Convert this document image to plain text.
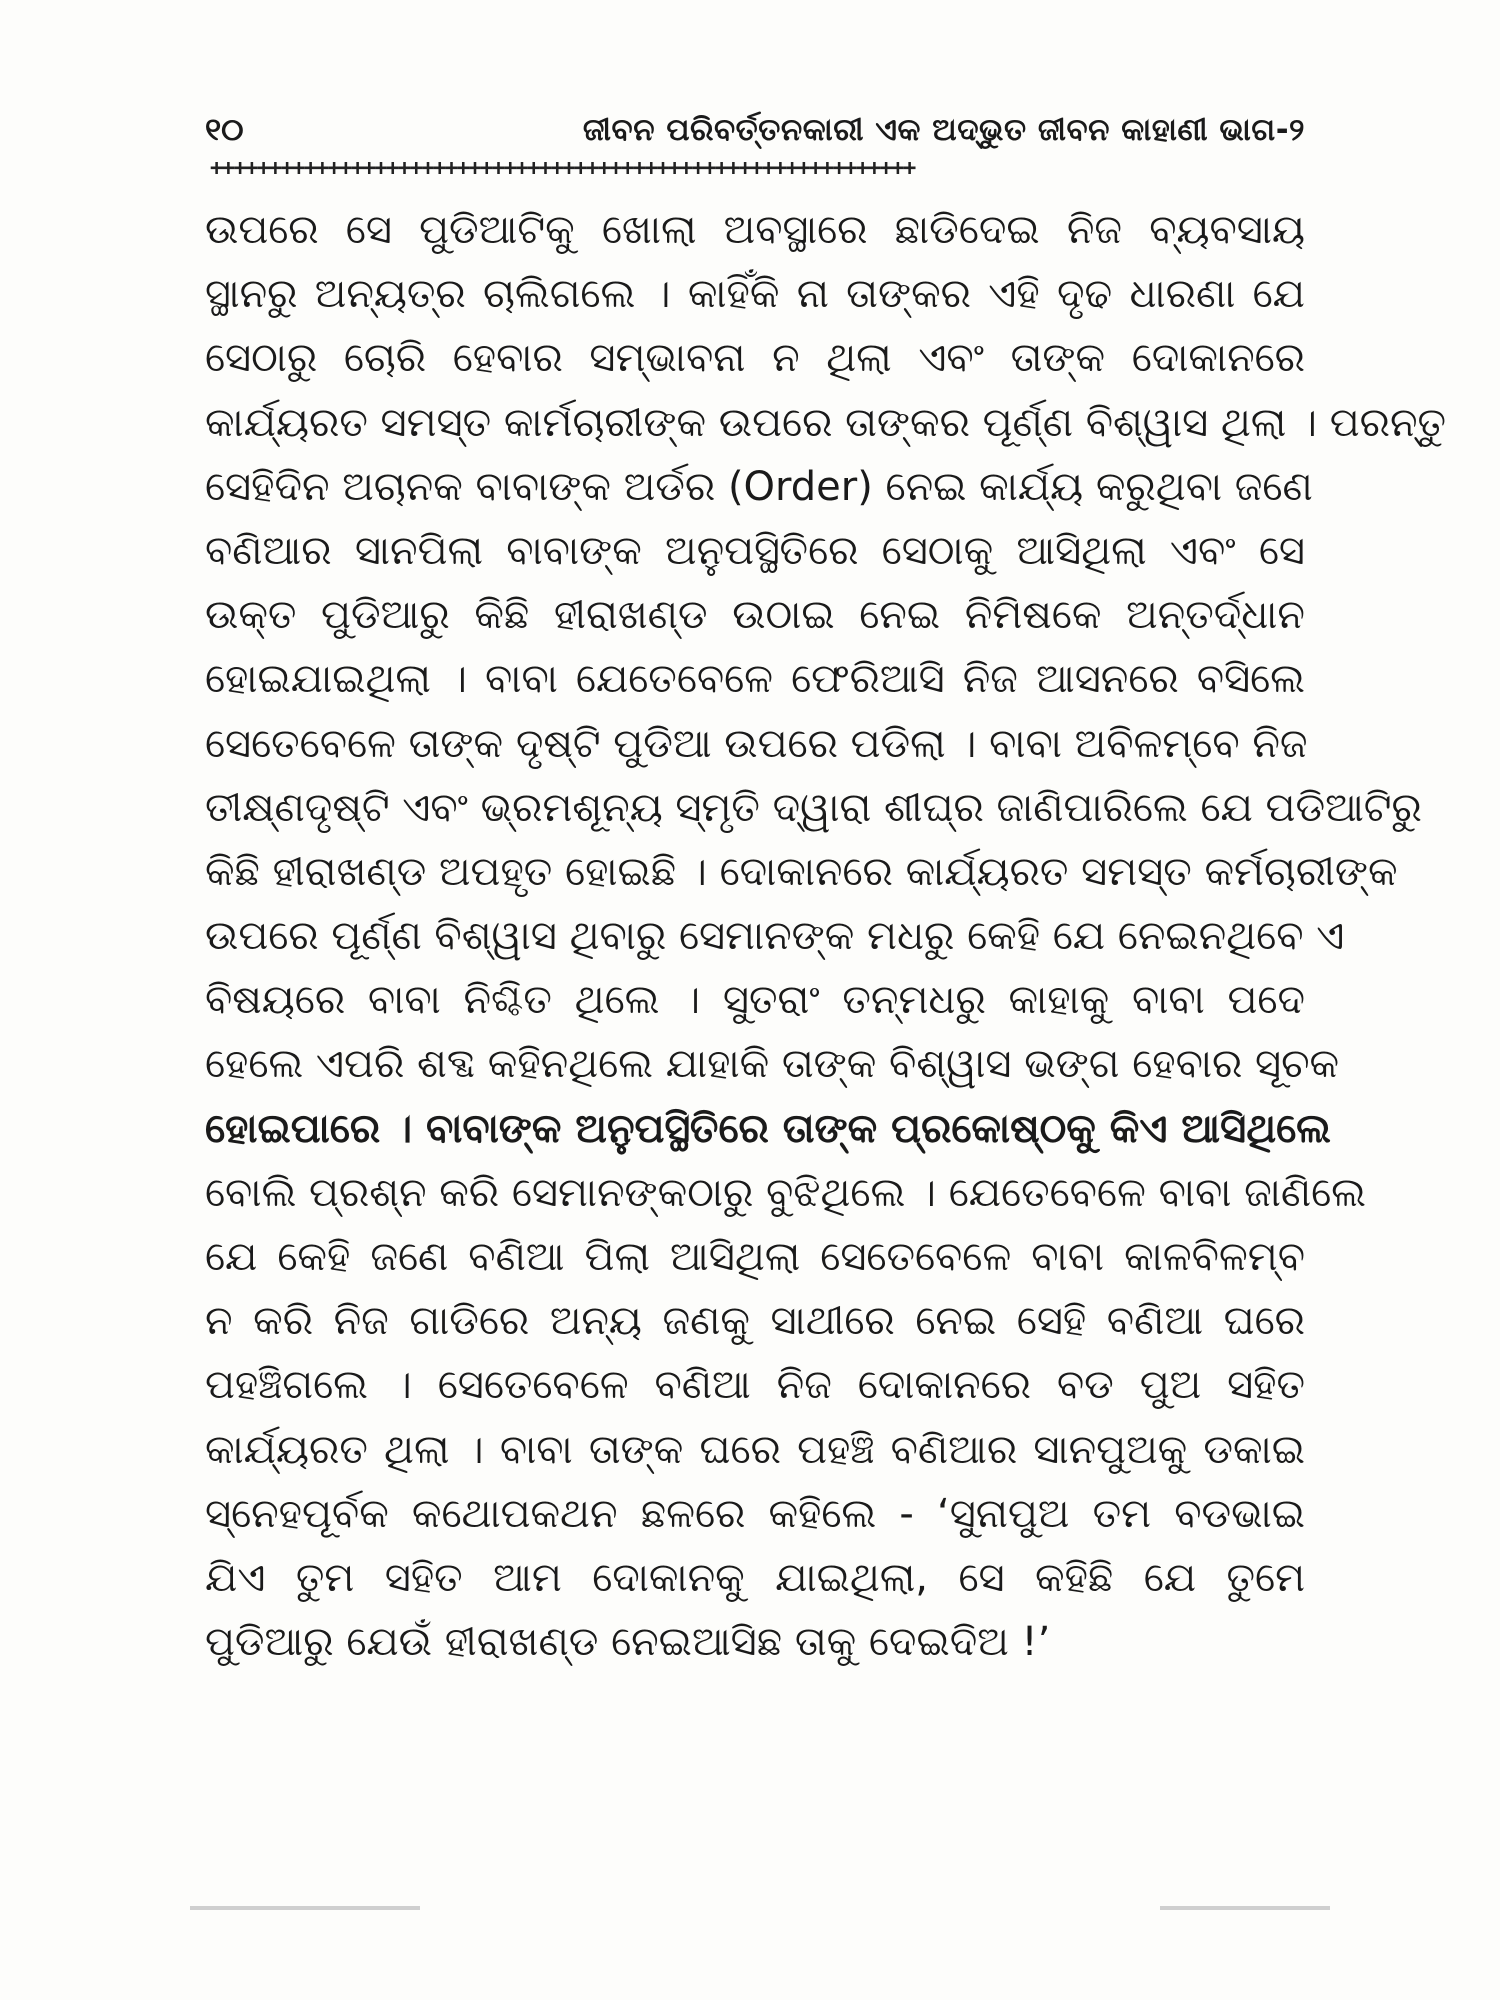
୧୦	ଜୀବନ ପରିବର୍ତ୍ତନକାରୀ ଏକ ଅଦ୍ଭୁତ ଜୀବନ କାହାଣୀ ଭାଗ-୨
++++++++++++++++++++++++++++++++++++++++++++++++++++++++++++
ଉପରେ ସେ ପୁଡିଆଟିକୁ ଖୋଲା ଅବସ୍ଥାରେ ଛାଡିଦେଇ ନିଜ ବ୍ୟବସାୟ
ସ୍ଥାନରୁ ଅନ୍ୟତ୍ର ଚାଲିଗଲେ । କାହିଁକି ନା ତାଙ୍କର ଏହି ଦୃଢ ଧାରଣା ଯେ
ସେଠାରୁ ଚୋରି ହେବାର ସମ୍ଭାବନା ନ ଥିଲା ଏବଂ ତାଙ୍କ ଦୋକାନରେ
କାର୍ଯ୍ୟରତ ସମସ୍ତ କାର୍ମଚାରୀଙ୍କ ଉପରେ ତାଙ୍କର ପୂର୍ଣ୍ଣ ବିଶ୍ୱାସ ଥିଲା । ପରନ୍ତୁ
ସେହିଦିନ ଅଚାନକ ବାବାଙ୍କ ଅର୍ଡର (Order) ନେଇ କାର୍ଯ୍ୟ କରୁଥିବା ଜଣେ
ବଣିଆର ସାନପିଲା ବାବାଙ୍କ ଅନୁପସ୍ଥିତିରେ ସେଠାକୁ ଆସିଥିଲା ଏବଂ ସେ
ଉକ୍ତ ପୁଡିଆରୁ କିଛି ହୀରାଖଣ୍ଡ ଉଠାଇ ନେଇ ନିମିଷକେ ଅନ୍ତର୍ଦ୍ଧାନ
ହୋଇଯାଇଥିଲା । ବାବା ଯେତେବେଳେ ଫେରିଆସି ନିଜ ଆସନରେ ବସିଲେ
ସେତେବେଳେ ତାଙ୍କ ଦୃଷ୍ଟି ପୁଡିଆ ଉପରେ ପଡିଲା । ବାବା ଅବିଳମ୍ବେ ନିଜ
ତୀକ୍ଷ୍ଣଦୃଷ୍ଟି ଏବଂ ଭ୍ରମଶୂନ୍ୟ ସ୍ମୃତି ଦ୍ୱାରା ଶୀଘ୍ର ଜାଣିପାରିଲେ ଯେ ପଡିଆଟିରୁ
କିଛି ହୀରାଖଣ୍ଡ ଅପହୃତ ହୋଇଛି । ଦୋକାନରେ କାର୍ଯ୍ୟରତ ସମସ୍ତ କର୍ମଚାରୀଙ୍କ
ଉପରେ ପୂର୍ଣ୍ଣ ବିଶ୍ୱାସ ଥିବାରୁ ସେମାନଙ୍କ ମଧରୁ କେହି ଯେ ନେଇନଥିବେ ଏ
ବିଷୟରେ ବାବା ନିଶ୍ଚିତ ଥିଲେ । ସୁତରାଂ ତନ୍ମଧରୁ କାହାକୁ ବାବା ପଦେ
ହେଲେ ଏପରି ଶବ୍ଦ କହିନଥିଲେ ଯାହାକି ତାଙ୍କ ବିଶ୍ୱାସ ଭଙ୍ଗ ହେବାର ସୂଚକ
ହୋଇପାରେ । ବାବାଙ୍କ ଅନୁପସ୍ଥିତିରେ ତାଙ୍କ ପ୍ରକୋଷ୍ଠକୁ କିଏ ଆସିଥିଲେ
ବୋଲି ପ୍ରଶ୍ନ କରି ସେମାନଙ୍କଠାରୁ ବୁଝିଥିଲେ । ଯେତେବେଳେ ବାବା ଜାଣିଲେ
ଯେ କେହି ଜଣେ ବଣିଆ ପିଲା ଆସିଥିଲା ସେତେବେଳେ ବାବା କାଳବିଳମ୍ବ
ନ କରି ନିଜ ଗାଡିରେ ଅନ୍ୟ ଜଣକୁ ସାଥୀରେ ନେଇ ସେହି ବଣିଆ ଘରେ
ପହଞ୍ଚିଗଲେ । ସେତେବେଳେ ବଣିଆ ନିଜ ଦୋକାନରେ ବଡ ପୁଅ ସହିତ
କାର୍ଯ୍ୟରତ ଥିଲା । ବାବା ତାଙ୍କ ଘରେ ପହଞ୍ଚି ବଣିଆର ସାନପୁଅକୁ ଡକାଇ
ସ୍ନେହପୂର୍ବକ କଥୋପକଥନ ଛଳରେ କହିଲେ - ‘ସୁନାପୁଅ ତମ ବଡଭାଇ
ଯିଏ ତୁମ ସହିତ ଆମ ଦୋକାନକୁ ଯାଇଥିଲା, ସେ କହିଛି ଯେ ତୁମେ
ପୁଡିଆରୁ ଯେଉଁ ହୀରାଖଣ୍ଡ ନେଇଆସିଛ ତାକୁ ଦେଇଦିଅ !’
